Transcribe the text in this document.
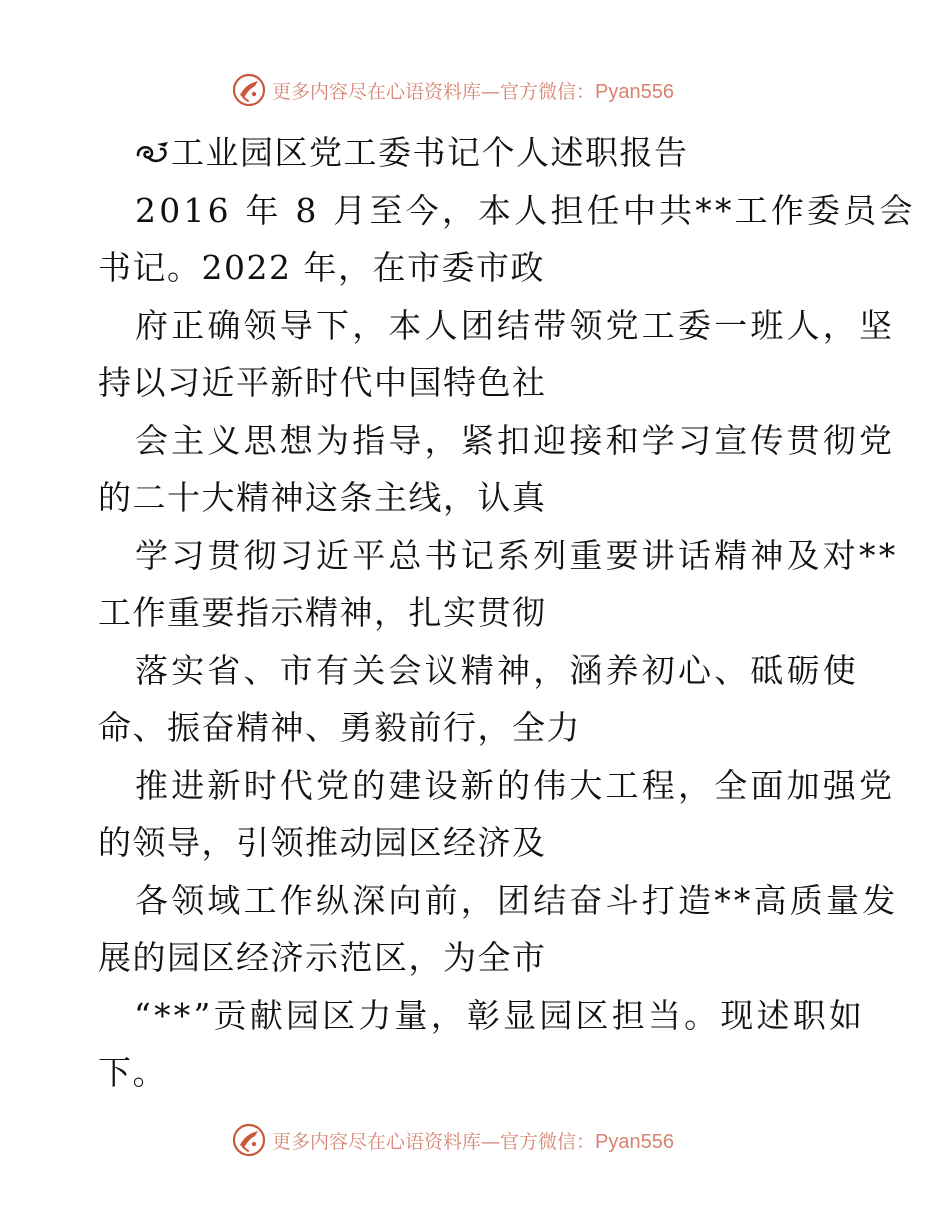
更多内容尽在心语资料库—官方微信：Pyan556
工业园区党工委书记个人述职报告
2016 年 8 月至今，本人担任中共**工作委员会
书记。2022 年，在市委市政
府正确领导下，本人团结带领党工委一班人，坚
持以习近平新时代中国特色社
会主义思想为指导，紧扣迎接和学习宣传贯彻党
的二十大精神这条主线，认真
学习贯彻习近平总书记系列重要讲话精神及对**
工作重要指示精神，扎实贯彻
落实省、市有关会议精神，涵养初心、砥砺使
命、振奋精神、勇毅前行，全力
推进新时代党的建设新的伟大工程，全面加强党
的领导，引领推动园区经济及
各领域工作纵深向前，团结奋斗打造**高质量发
展的园区经济示范区，为全市
“**”贡献园区力量，彰显园区担当。现述职如
下。
更多内容尽在心语资料库—官方微信：Pyan556
